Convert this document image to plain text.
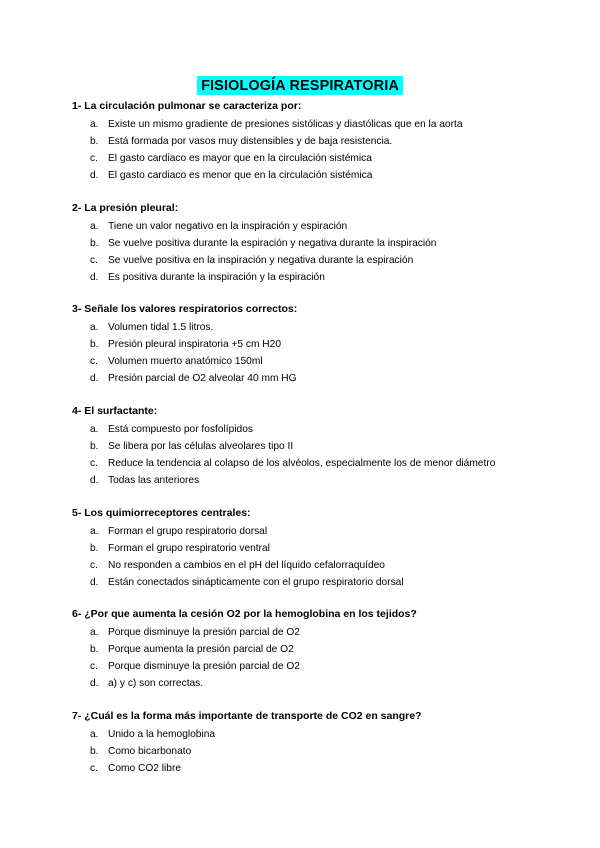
FISIOLOGÍA RESPIRATORIA
1- La circulación pulmonar se caracteriza por:
a. Existe un mismo gradiente de presiones sistólicas y diastólicas que en la aorta
b. Está formada por vasos muy distensibles y de baja resistencia.
c. El gasto cardiaco es mayor que en la circulación sistémica
d. El gasto cardiaco es menor que en la circulación sistémica
2- La presión pleural:
a. Tiene un valor negativo en la inspiración y espiración
b. Se vuelve positiva durante la espiración y negativa durante la inspiración
c. Se vuelve positiva en la inspiración y negativa durante la espiración
d. Es positiva durante la inspiración y la espiración
3- Señale los valores respiratorios correctos:
a. Volumen tidal 1.5 litros.
b. Presión pleural inspiratoria +5 cm H20
c. Volumen muerto anatómico 150ml
d. Presión parcial de O2 alveolar 40 mm HG
4- El surfactante:
a. Está compuesto por fosfolípidos
b. Se libera por las células alveolares tipo II
c. Reduce la tendencia al colapso de los alvéolos, especialmente los de menor diámetro
d. Todas las anteriores
5- Los quimiorreceptores centrales:
a. Forman el grupo respiratorio dorsal
b. Forman el grupo respiratorio ventral
c. No responden a cambios en el pH del líquido cefalorraquídeo
d. Están conectados sinápticamente con el grupo respiratorio dorsal
6- ¿Por que aumenta la cesión O2 por la hemoglobina en los tejidos?
a. Porque disminuye la presión parcial de O2
b. Porque aumenta la presión parcial de O2
c. Porque disminuye la presión parcial de O2
d. a) y c) son correctas.
7- ¿Cuál es la forma más importante de transporte de CO2 en sangre?
a. Unido a la hemoglobina
b. Como bicarbonato
c. Como CO2 libre
